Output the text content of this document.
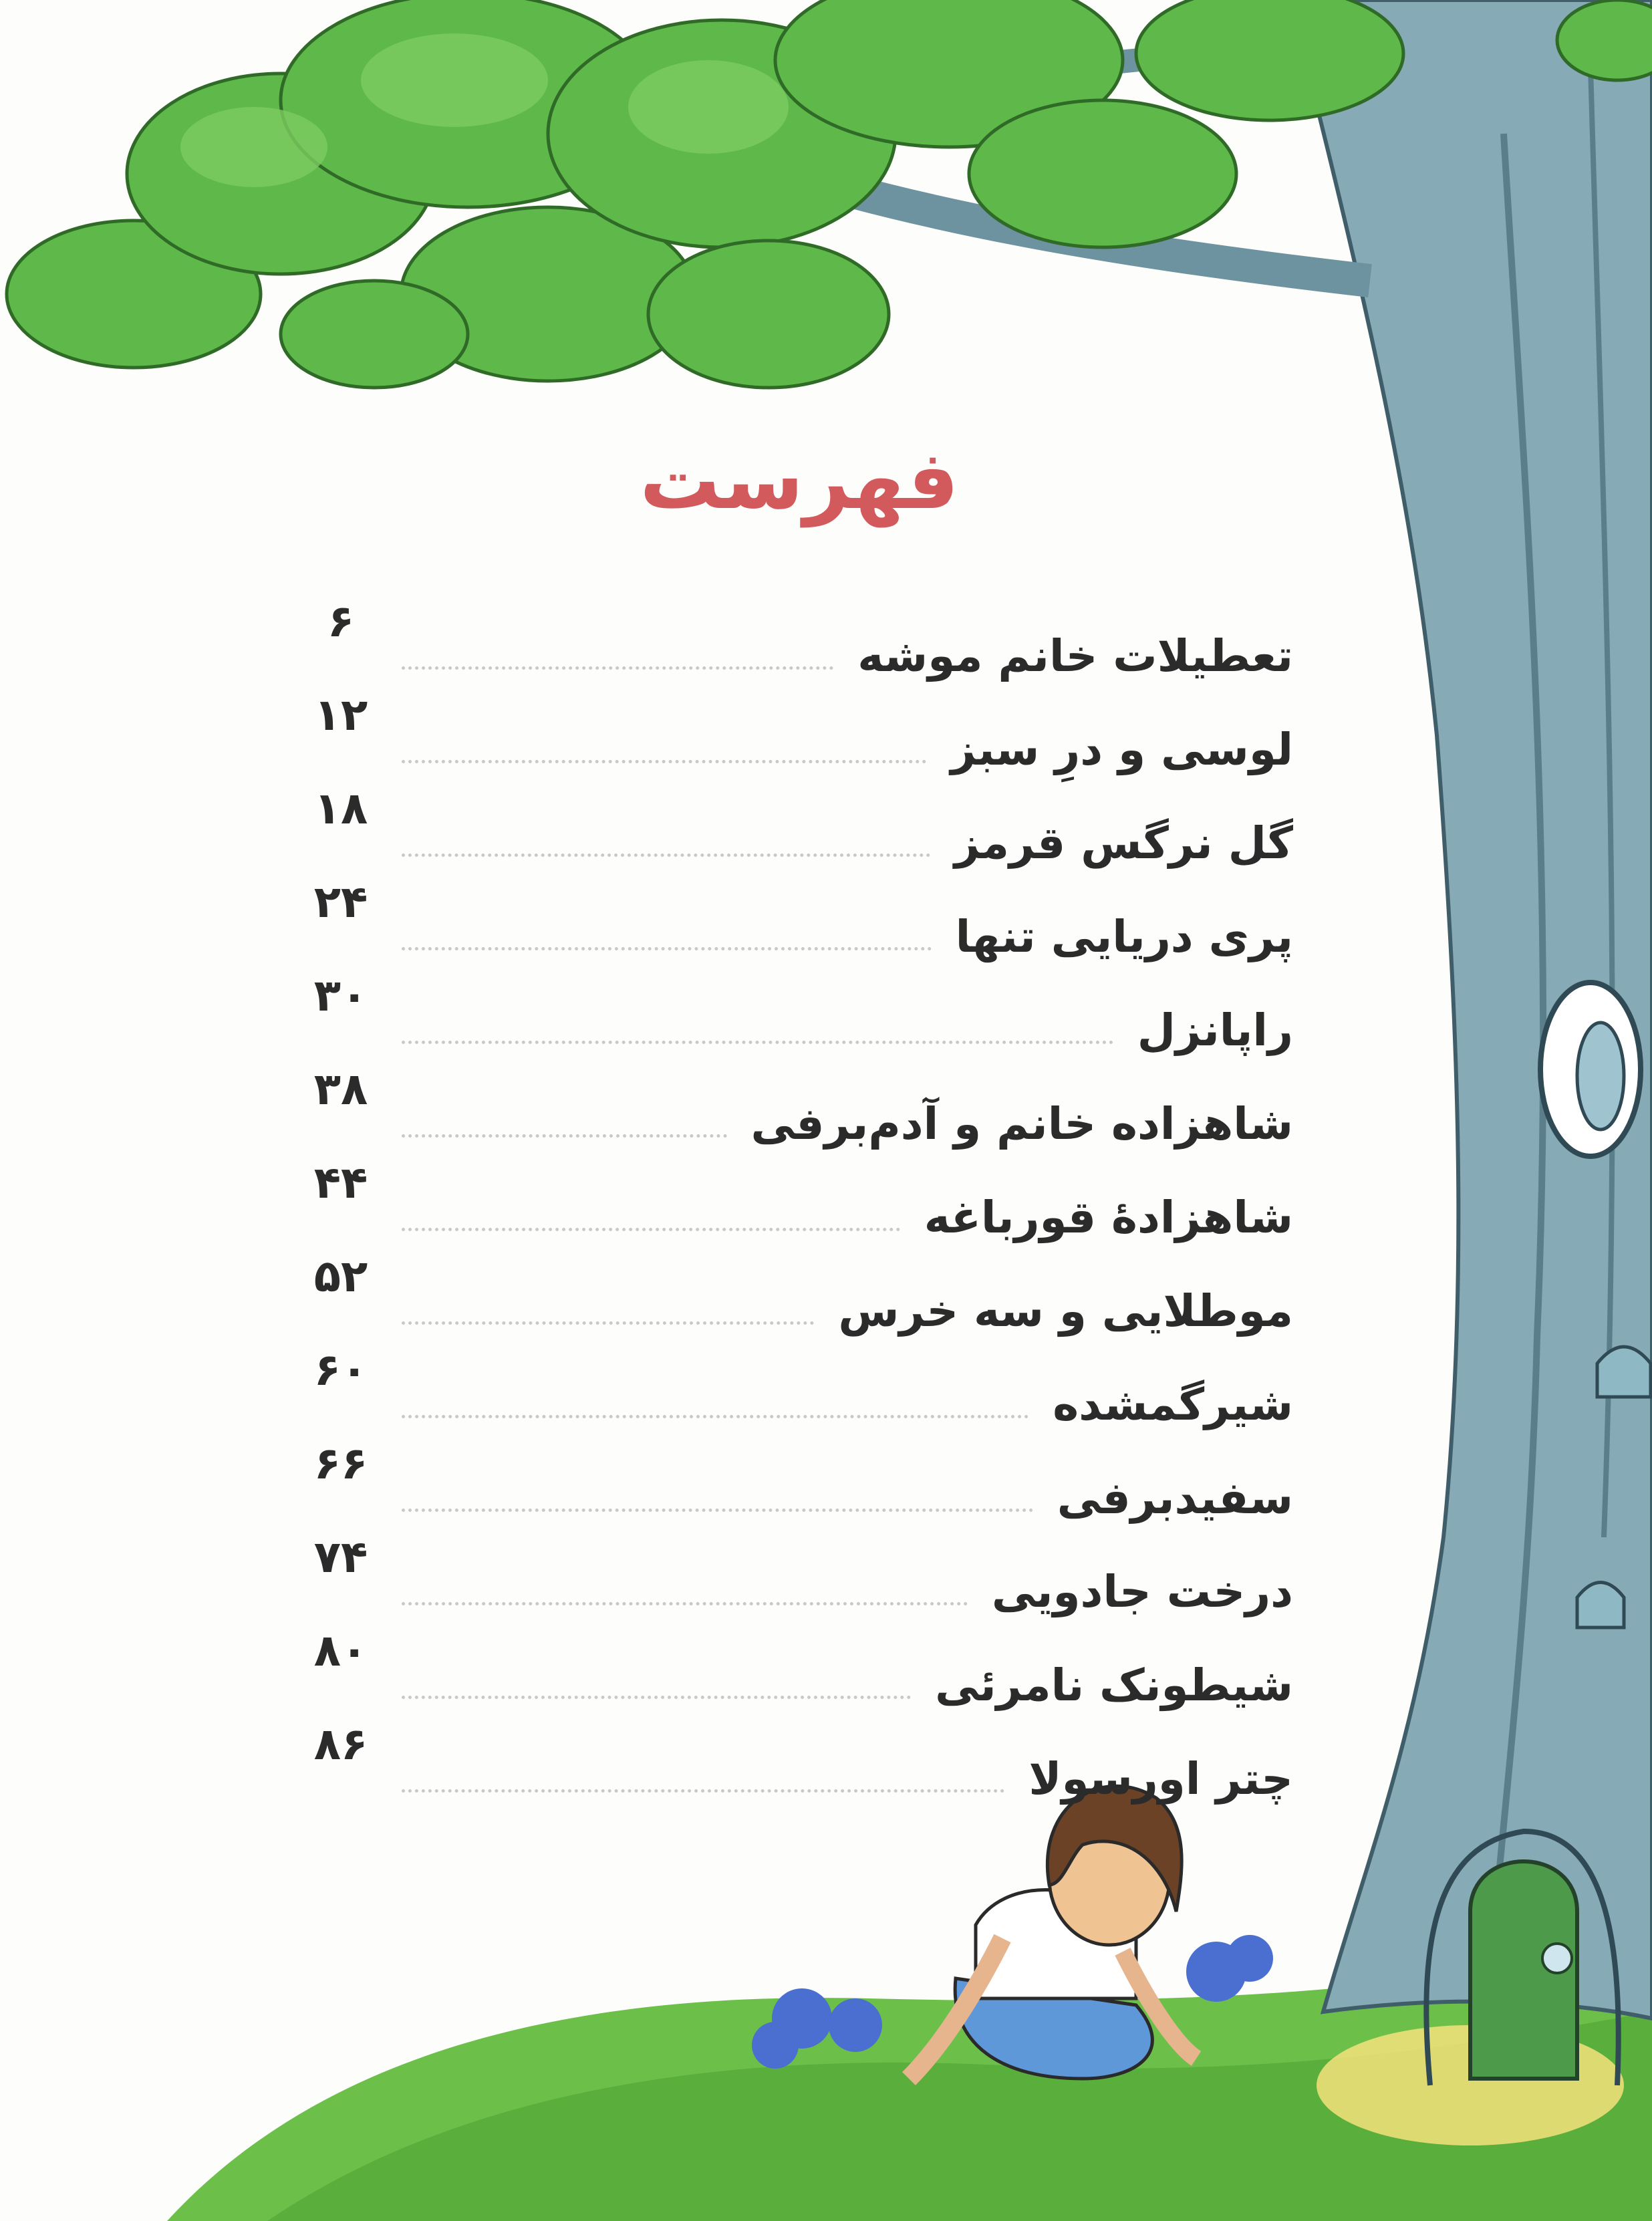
فهرست
تعطیلات خانم موشه
۶
لوسی و درِ سبز
۱۲
گل نرگس قرمز
۱۸
پری دریایی تنها
۲۴
راپانزل
۳۰
شاهزاده خانم و آدم‌برفی
۳۸
شاهزادهٔ قورباغه
۴۴
موطلایی و سه خرس
۵۲
شیرگمشده
۶۰
سفیدبرفی
۶۶
درخت جادویی
۷۴
شیطونک نامرئی
۸۰
چتر اورسولا
۸۶
